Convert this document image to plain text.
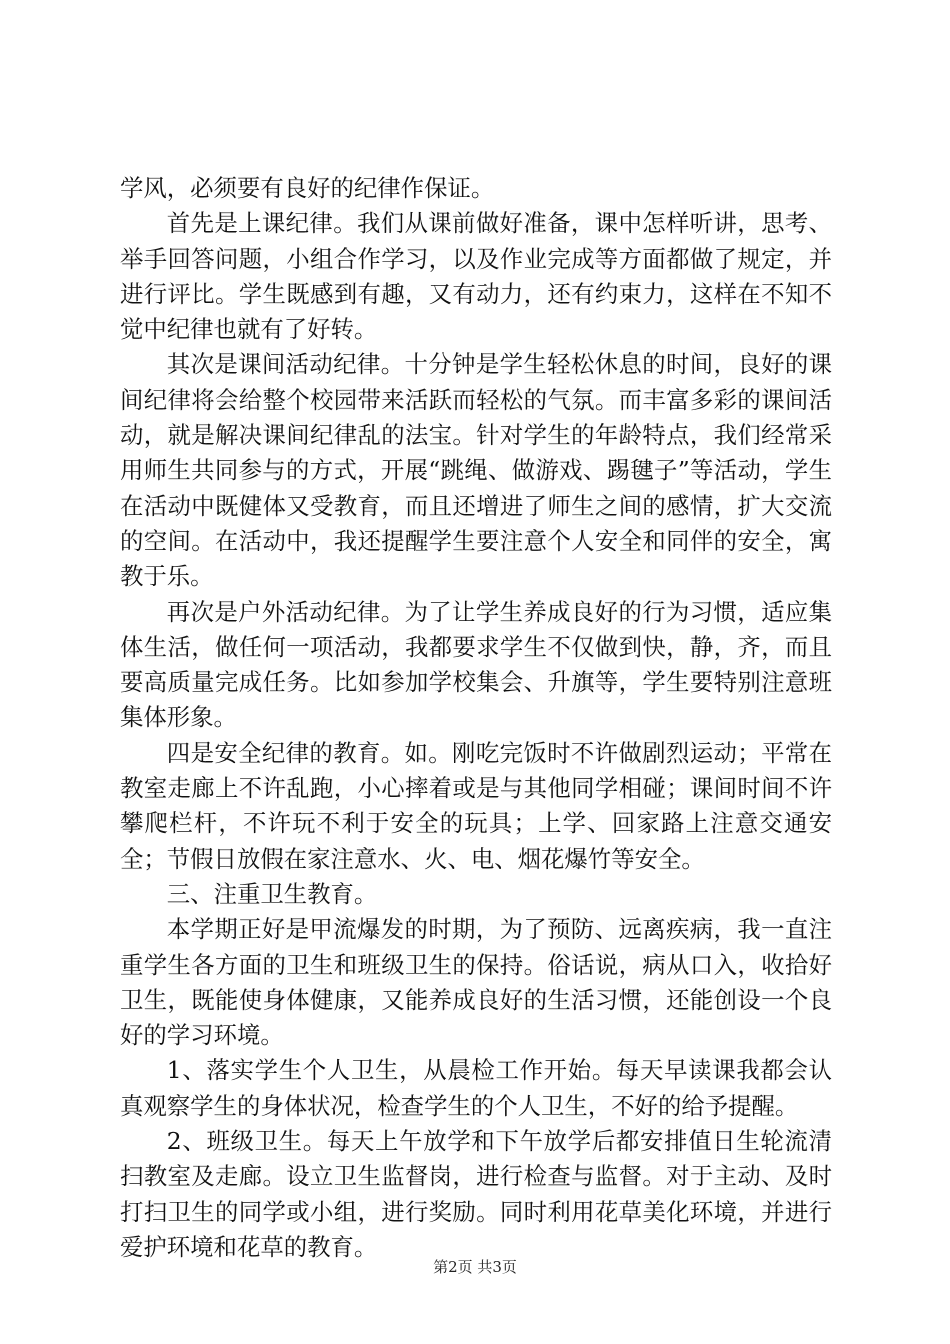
学风，必须要有良好的纪律作保证。

首先是上课纪律。我们从课前做好准备，课中怎样听讲，思考、举手回答问题，小组合作学习，以及作业完成等方面都做了规定，并进行评比。学生既感到有趣，又有动力，还有约束力，这样在不知不觉中纪律也就有了好转。

其次是课间活动纪律。十分钟是学生轻松休息的时间，良好的课间纪律将会给整个校园带来活跃而轻松的气氛。而丰富多彩的课间活动，就是解决课间纪律乱的法宝。针对学生的年龄特点，我们经常采用师生共同参与的方式，开展“跳绳、做游戏、踢毽子”等活动，学生在活动中既健体又受教育，而且还增进了师生之间的感情，扩大交流的空间。在活动中，我还提醒学生要注意个人安全和同伴的安全，寓教于乐。

再次是户外活动纪律。为了让学生养成良好的行为习惯，适应集体生活，做任何一项活动，我都要求学生不仅做到快，静，齐，而且要高质量完成任务。比如参加学校集会、升旗等，学生要特别注意班集体形象。

四是安全纪律的教育。如。刚吃完饭时不许做剧烈运动；平常在教室走廊上不许乱跑，小心摔着或是与其他同学相碰；课间时间不许攀爬栏杆，不许玩不利于安全的玩具；上学、回家路上注意交通安全；节假日放假在家注意水、火、电、烟花爆竹等安全。

三、注重卫生教育。

本学期正好是甲流爆发的时期，为了预防、远离疾病，我一直注重学生各方面的卫生和班级卫生的保持。俗话说，病从口入，收拾好卫生，既能使身体健康，又能养成良好的生活习惯，还能创设一个良好的学习环境。

1、落实学生个人卫生，从晨检工作开始。每天早读课我都会认真观察学生的身体状况，检查学生的个人卫生，不好的给予提醒。

2、班级卫生。每天上午放学和下午放学后都安排值日生轮流清扫教室及走廊。设立卫生监督岗，进行检查与监督。对于主动、及时打扫卫生的同学或小组，进行奖励。同时利用花草美化环境，并进行爱护环境和花草的教育。

第2页 共3页
